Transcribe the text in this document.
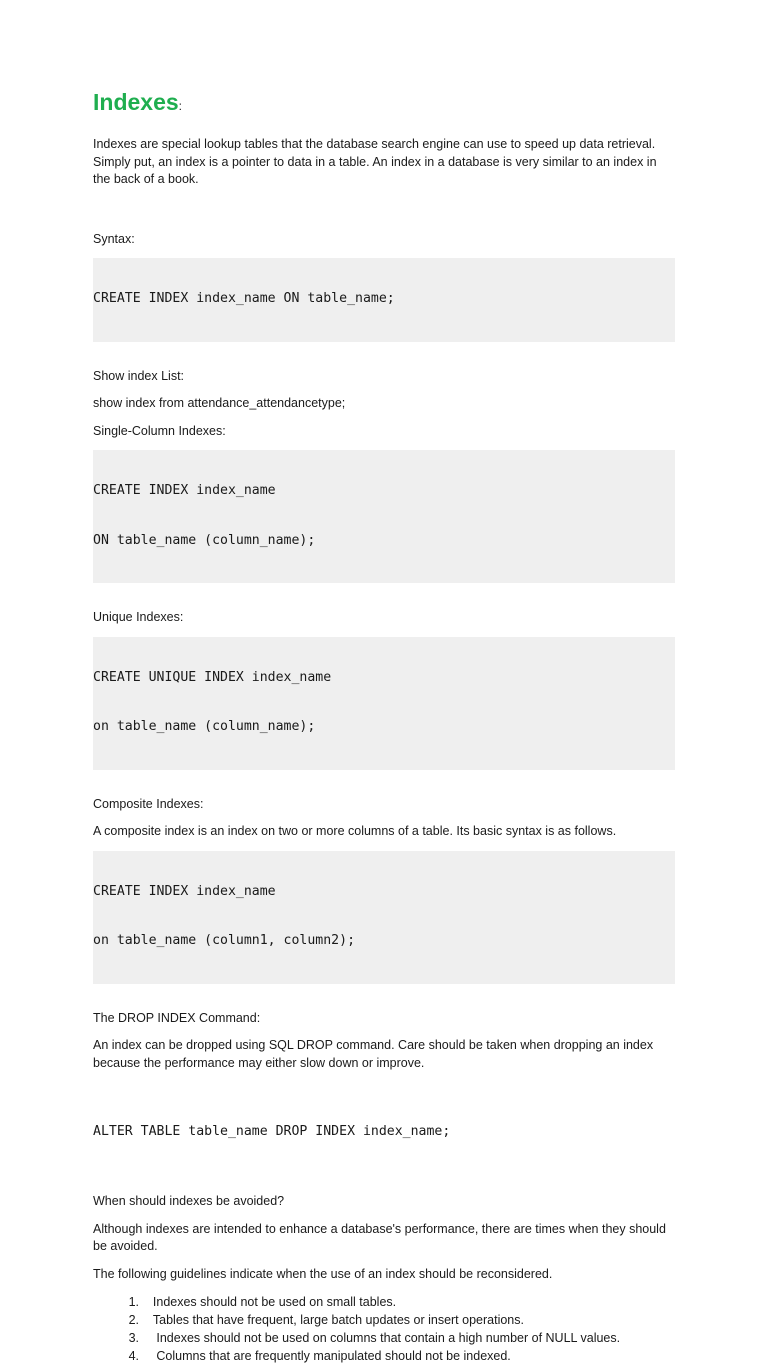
Indexes:

Indexes are special lookup tables that the database search engine can use to speed up data retrieval. Simply put, an index is a pointer to data in a table. An index in a database is very similar to an index in the back of a book.

Syntax:

CREATE INDEX index_name ON table_name;

Show index List:

show index from attendance_attendancetype;

Single-Column Indexes:

CREATE INDEX index_name

ON table_name (column_name);

Unique Indexes:

CREATE UNIQUE INDEX index_name

on table_name (column_name);

Composite Indexes:

A composite index is an index on two or more columns of a table. Its basic syntax is as follows.

CREATE INDEX index_name

on table_name (column1, column2);

The DROP INDEX Command:

An index can be dropped using SQL DROP command. Care should be taken when dropping an index because the performance may either slow down or improve.

ALTER TABLE table_name DROP INDEX index_name;

When should indexes be avoided?

Although indexes are intended to enhance a database's performance, there are times when they should be avoided.

The following guidelines indicate when the use of an index should be reconsidered.

1.	Indexes should not be used on small tables.
2.	Tables that have frequent, large batch updates or insert operations.
3.	Indexes should not be used on columns that contain a high number of NULL values.
4.	Columns that are frequently manipulated should not be indexed.
